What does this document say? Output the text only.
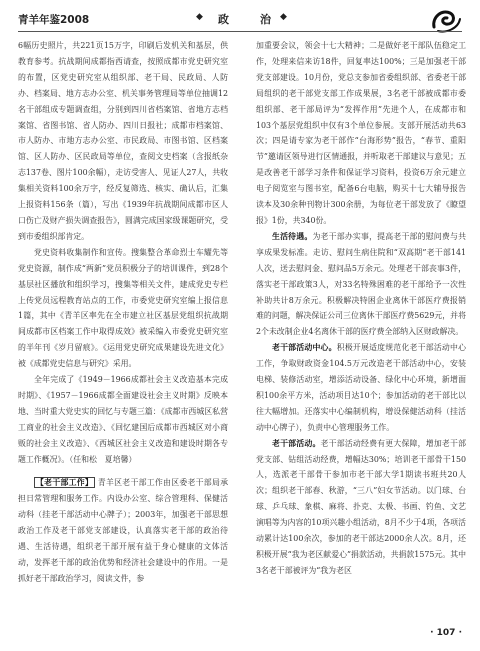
青羊年鉴2008	◆ 政　治 ◆

6幅历史照片，共221页15万字，印刷后发机关和基层，供教育参考。抗战期间成都指西请查，按照成都市党史研究室的布置，区党史研究室从组织部、老干局、民政局、人防办、档案局、地方志办公室、机关事务管理局等单位抽调12名干部组成专题调查组，分别到四川省档案馆、省地方志档案馆、省图书馆、省人防办、四川日报社；成都市档案馆、市人防办、市地方志办公室、市民政局、市图书馆、区档案馆、区人防办、区民政局等单位，查阅文史档案（含报纸杂志137卷、图片100余幅），走访受害人、见证人27人，共收集相关资料100余万字，经反复筛选、核实、确认后，汇集上报资料156条（篇），写出《1939年抗战期间成都市区人口伤亡及财产损失调查报告》，圆满完成国家级课题研究，受到市委组织部肯定。

党史资料收集制作和宣传。搜集整合革命烈士车耀先等党史资源，制作成“两新”党员积极分子的培训课件，到28个基层社区播放和组织学习，搜集等相关文件，建成党史专栏上传党员远程教育站点的工作，市委党史研究室编上报信息1篇，其中《青羊区率先在全市建立社区基层党组织抗战期间成都市区档案工作中取得成效》被采编入市委党史研究室的半年刊《岁月留痕》。《运用党史研究成果建设先进文化》被《成都党史信息与研究》采用。

全年完成了《1949－1966成都社会主义改造基本完成时期》、《1957－1966成都全面建设社会主义时期》反映本地、当时重大党史实的回忆与专题三篇：《成都市西城区私营工商业的社会主义改造》、《回忆建国后成都市西城区对小商贩的社会主义改造》、《西城区社会主义改造和建设时期各专题工作概况》。（任和松　夏培馨）

【老干部工作】 青羊区老干部工作由区委老干部局承担日常管理和服务工作。内设办公室、综合管理科、保健活动科（挂老干部活动中心牌子）；2003年，加强老干部思想政治工作及老干部党支部建设，认真落实老干部的政治待遇、生活待遇，组织老干部开展有益于身心健康的文体活动，发挥老干部的政治优势和经济社会建设中的作用。一是抓好老干部政治学习，阅读文件，参

加重要会议，领会十七大精神；二是做好老干部队伍稳定工作，处理来信来访18件，回复率达100%；三是加强老干部党支部建设。10月份，党总支参加省委组织部、省委老干部局组织的老干部党支部工作成果展，3名老干部被成都市委组织部、老干部局评为“发挥作用”先进个人，在成都市和103个基层党组织中仅有3个单位参展。支部开展活动共63次；四是请专家为老干部作“台海形势”报告，“春节、重阳节”邀请区领导进行区情通报，并听取老干部建议与意见；五是改善老干部学习条件和保证学习资料，投资6万余元建立电子阅览室与图书室，配备6台电脑，购买十七大辅导报告读本及30余种刊物计300余册，为每位老干部发放了《瞭望报》1份，共340份。

生活待遇。为老干部办实事，提高老干部的慰问费与共享成果发标准。走访、慰问生病住院和“双高期”老干部141人次，送去慰问金、慰问品5万余元。处理老干部丧事3件，落实老干部政策3人，对33名特殊困难的老干部给予一次性补助共计8万余元。积极解决特困企业离休干部医疗费报销难的问题，解决保证公司三位离休干部医疗费5629元，并将2个未改制企业4名离休干部的医疗费全部纳入区财政解决。

老干部活动中心。积极开展适度规范化老干部活动中心工作，争取财政资金104.5万元改造老干部活动中心，安装电梯、装修活动室，增添活动设备、绿化中心环境，新增面积100余平方米，活动项目达10个；参加活动的老干部比以往大幅增加。还落实中心编制机构，增设保健活动科（挂活动中心牌子），负责中心管理服务工作。

老干部活动。老干部活动经费有更大保障，增加老干部党支部、钻组活动经费，增幅达30%；培训老干部骨干150人，选派老干部骨干参加市老干部大学1期读书班共20人次；组织老干部春、秋游，“三八”妇女节活动。以门球、台球、乒乓球、象棋、麻将、扑克、太极、书画、钓鱼、文艺演唱等为内容的10项兴趣小组活动，8月不少于4项，各项活动累计达100余次，参加的老干部达2000余人次。8月，还积极开展“我为老区献爱心”捐款活动，共捐款1575元。其中3名老干部被评为“我为老区

· 107 ·
